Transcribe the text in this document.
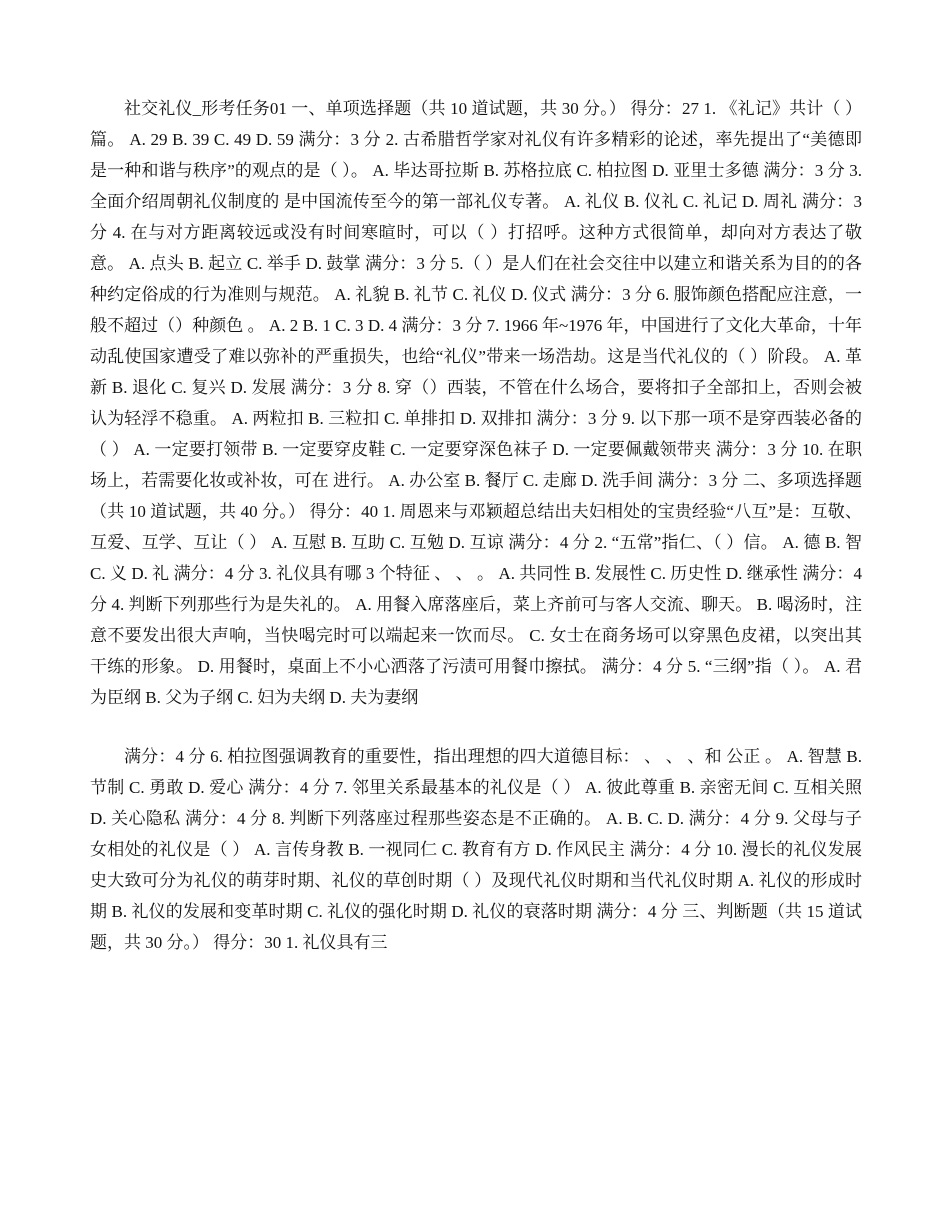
社交礼仪_形考任务01 一、单项选择题（共 10 道试题，共 30 分。） 得分：27 1. 《礼记》共计（ ）篇。 A. 29 B. 39 C. 49 D. 59 满分：3 分 2. 古希腊哲学家对礼仪有许多精彩的论述，率先提出了“美德即是一种和谐与秩序”的观点的是（ ）。 A. 毕达哥拉斯 B. 苏格拉底 C. 柏拉图 D. 亚里士多德 满分：3 分 3. 全面介绍周朝礼仪制度的 是中国流传至今的第一部礼仪专著。 A. 礼仪 B. 仪礼 C. 礼记 D. 周礼 满分：3 分 4. 在与对方距离较远或没有时间寒暄时，可以（ ）打招呼。这种方式很简单，却向对方表达了敬意。 A. 点头 B. 起立 C. 举手 D. 鼓掌 满分：3 分 5.（ ）是人们在社会交往中以建立和谐关系为目的的各种约定俗成的行为准则与规范。 A. 礼貌 B. 礼节 C. 礼仪 D. 仪式 满分：3 分 6. 服饰颜色搭配应注意，一般不超过（）种颜色 。 A. 2 B. 1 C. 3 D. 4 满分：3 分 7. 1966 年~1976 年，中国进行了文化大革命，十年动乱使国家遭受了难以弥补的严重损失，也给“礼仪”带来一场浩劫。这是当代礼仪的（ ）阶段。 A. 革新 B. 退化 C. 复兴 D. 发展 满分：3 分 8. 穿（）西装，不管在什么场合，要将扣子全部扣上，否则会被认为轻浮不稳重。 A. 两粒扣 B. 三粒扣 C. 单排扣 D. 双排扣 满分：3 分 9. 以下那一项不是穿西装必备的（ ） A. 一定要打领带 B. 一定要穿皮鞋 C. 一定要穿深色袜子 D. 一定要佩戴领带夹 满分：3 分 10. 在职场上，若需要化妆或补妆，可在 进行。 A. 办公室 B. 餐厅 C. 走廊 D. 洗手间 满分：3 分 二、多项选择题（共 10 道试题，共 40 分。） 得分：40 1. 周恩来与邓颖超总结出夫妇相处的宝贵经验“八互”是：互敬、互爱、互学、互让（ ） A. 互慰 B. 互助 C. 互勉 D. 互谅 满分：4 分 2. “五常”指仁、（ ）信。 A. 德 B. 智 C. 义 D. 礼 满分：4 分 3. 礼仪具有哪 3 个特征 、 、 。 A. 共同性 B. 发展性 C. 历史性 D. 继承性 满分：4 分 4. 判断下列那些行为是失礼的。 A. 用餐入席落座后，菜上齐前可与客人交流、聊天。 B. 喝汤时，注意不要发出很大声响，当快喝完时可以端起来一饮而尽。 C. 女士在商务场可以穿黑色皮裙，以突出其干练的形象。 D. 用餐时，桌面上不小心洒落了污渍可用餐巾擦拭。 满分：4 分 5. “三纲”指（ ）。 A. 君为臣纲 B. 父为子纲 C. 妇为夫纲 D. 夫为妻纲

满分：4 分 6. 柏拉图强调教育的重要性，指出理想的四大道德目标： 、 、 、和 公正 。 A. 智慧 B. 节制 C. 勇敢 D. 爱心 满分：4 分 7. 邻里关系最基本的礼仪是（ ） A. 彼此尊重 B. 亲密无间 C. 互相关照 D. 关心隐私 满分：4 分 8. 判断下列落座过程那些姿态是不正确的。 A. B. C. D. 满分：4 分 9. 父母与子女相处的礼仪是（ ） A. 言传身教 B. 一视同仁 C. 教育有方 D. 作风民主 满分：4 分 10. 漫长的礼仪发展史大致可分为礼仪的萌芽时期、礼仪的草创时期（ ）及现代礼仪时期和当代礼仪时期 A. 礼仪的形成时期 B. 礼仪的发展和变革时期 C. 礼仪的强化时期 D. 礼仪的衰落时期 满分：4 分 三、判断题（共 15 道试题，共 30 分。） 得分：30 1. 礼仪具有三
